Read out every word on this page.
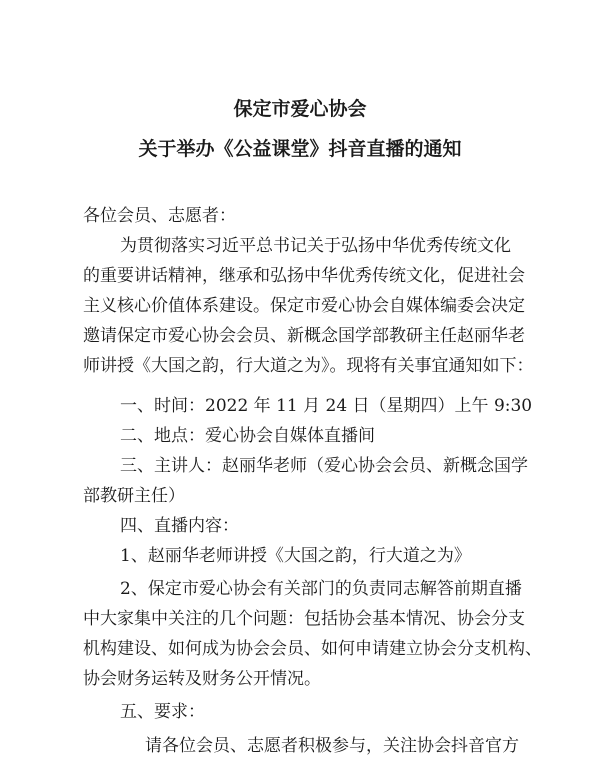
保定市爱心协会
关于举办《公益课堂》抖音直播的通知
各位会员、志愿者：
为贯彻落实习近平总书记关于弘扬中华优秀传统文化
的重要讲话精神，继承和弘扬中华优秀传统文化，促进社会
主义核心价值体系建设。保定市爱心协会自媒体编委会决定
邀请保定市爱心协会会员、新概念国学部教研主任赵丽华老
师讲授《大国之韵，行大道之为》。现将有关事宜通知如下：
一、时间：2022 年 11 月 24 日（星期四）上午 9:30
二、地点：爱心协会自媒体直播间
三、主讲人：赵丽华老师（爱心协会会员、新概念国学
部教研主任）
四、直播内容：
1、赵丽华老师讲授《大国之韵，行大道之为》
2、保定市爱心协会有关部门的负责同志解答前期直播
中大家集中关注的几个问题：包括协会基本情况、协会分支
机构建设、如何成为协会会员、如何申请建立协会分支机构、
协会财务运转及财务公开情况。
五、要求：
请各位会员、志愿者积极参与，关注协会抖音官方
